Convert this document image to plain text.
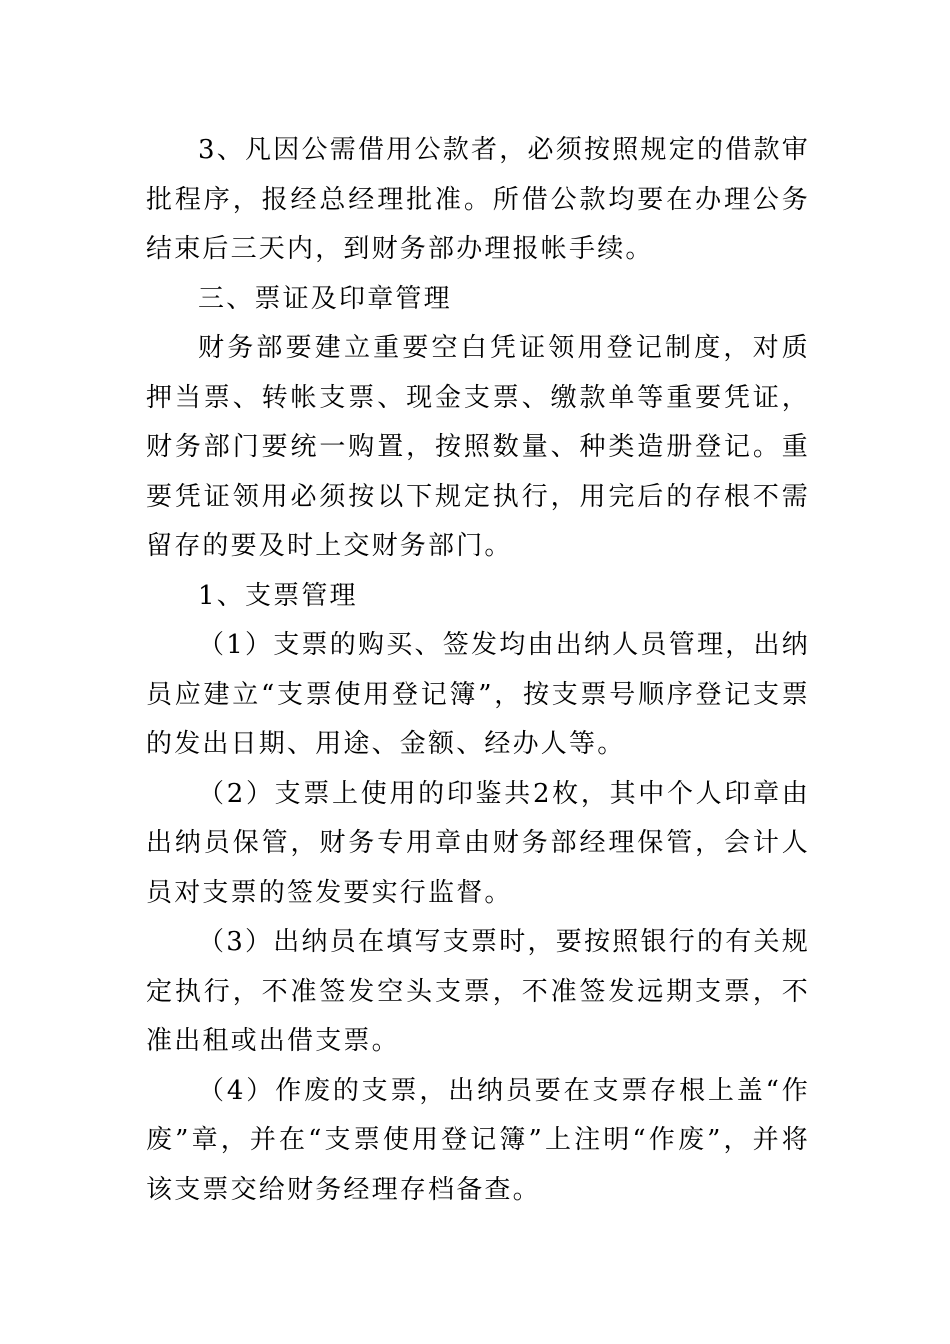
3、凡因公需借用公款者，必须按照规定的借款审批程序，报经总经理批准。所借公款均要在办理公务结束后三天内，到财务部办理报帐手续。

三、票证及印章管理

财务部要建立重要空白凭证领用登记制度，对质押当票、转帐支票、现金支票、缴款单等重要凭证，财务部门要统一购置，按照数量、种类造册登记。重要凭证领用必须按以下规定执行，用完后的存根不需留存的要及时上交财务部门。

1、支票管理

（1）支票的购买、签发均由出纳人员管理，出纳员应建立“支票使用登记簿”，按支票号顺序登记支票的发出日期、用途、金额、经办人等。

（2）支票上使用的印鉴共2枚，其中个人印章由出纳员保管，财务专用章由财务部经理保管，会计人员对支票的签发要实行监督。

（3）出纳员在填写支票时，要按照银行的有关规定执行，不准签发空头支票，不准签发远期支票，不准出租或出借支票。

（4）作废的支票，出纳员要在支票存根上盖“作废”章，并在“支票使用登记簿”上注明“作废”，并将该支票交给财务经理存档备查。
